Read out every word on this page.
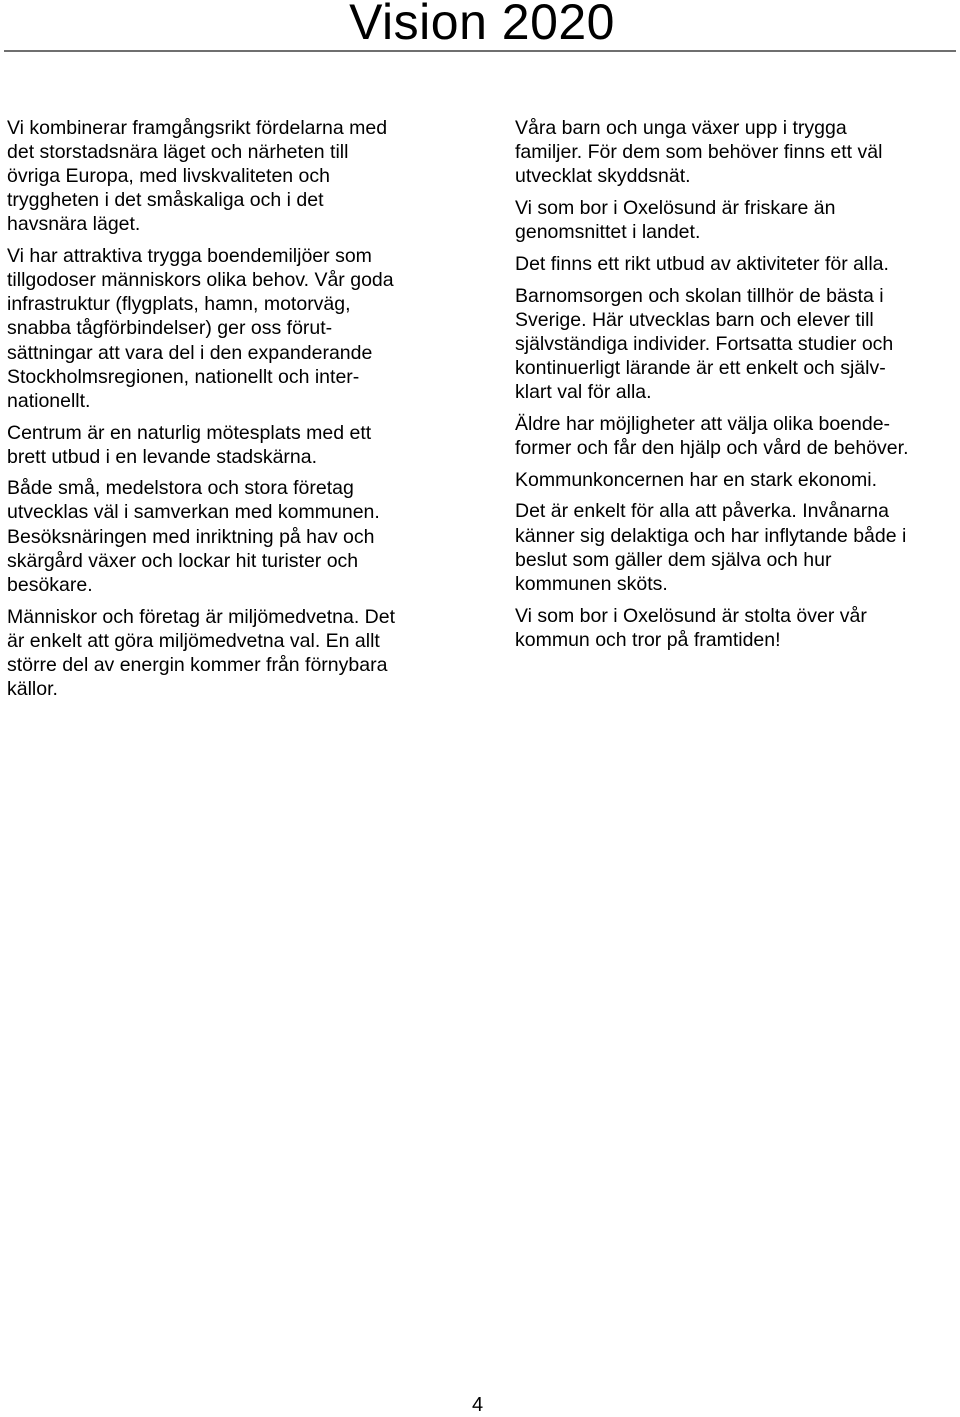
Vision 2020

Vi kombinerar framgångsrikt fördelarna med
det storstadsnära läget och närheten till
övriga Europa, med livskvaliteten och
tryggheten i det småskaliga och i det
havsnära läget.

Vi har attraktiva trygga boendemiljöer som
tillgodoser människors olika behov. Vår goda
infrastruktur (flygplats, hamn, motorväg,
snabba tågförbindelser) ger oss förut-
sättningar att vara del i den expanderande
Stockholmsregionen, nationellt och inter-
nationellt.

Centrum är en naturlig mötesplats med ett
brett utbud i en levande stadskärna.

Både små, medelstora och stora företag
utvecklas väl i samverkan med kommunen.
Besöksnäringen med inriktning på hav och
skärgård växer och lockar hit turister och
besökare.

Människor och företag är miljömedvetna. Det
är enkelt att göra miljömedvetna val. En allt
större del av energin kommer från förnybara
källor.

Våra barn och unga växer upp i trygga
familjer. För dem som behöver finns ett väl
utvecklat skyddsnät.

Vi som bor i Oxelösund är friskare än
genomsnittet i landet.

Det finns ett rikt utbud av aktiviteter för alla.

Barnomsorgen och skolan tillhör de bästa i
Sverige. Här utvecklas barn och elever till
självständiga individer. Fortsatta studier och
kontinuerligt lärande är ett enkelt och själv-
klart val för alla.

Äldre har möjligheter att välja olika boende-
former och får den hjälp och vård de behöver.

Kommunkoncernen har en stark ekonomi.

Det är enkelt för alla att påverka. Invånarna
känner sig delaktiga och har inflytande både i
beslut som gäller dem själva och hur
kommunen sköts.

Vi som bor i Oxelösund är stolta över vår
kommun och tror på framtiden!

4
